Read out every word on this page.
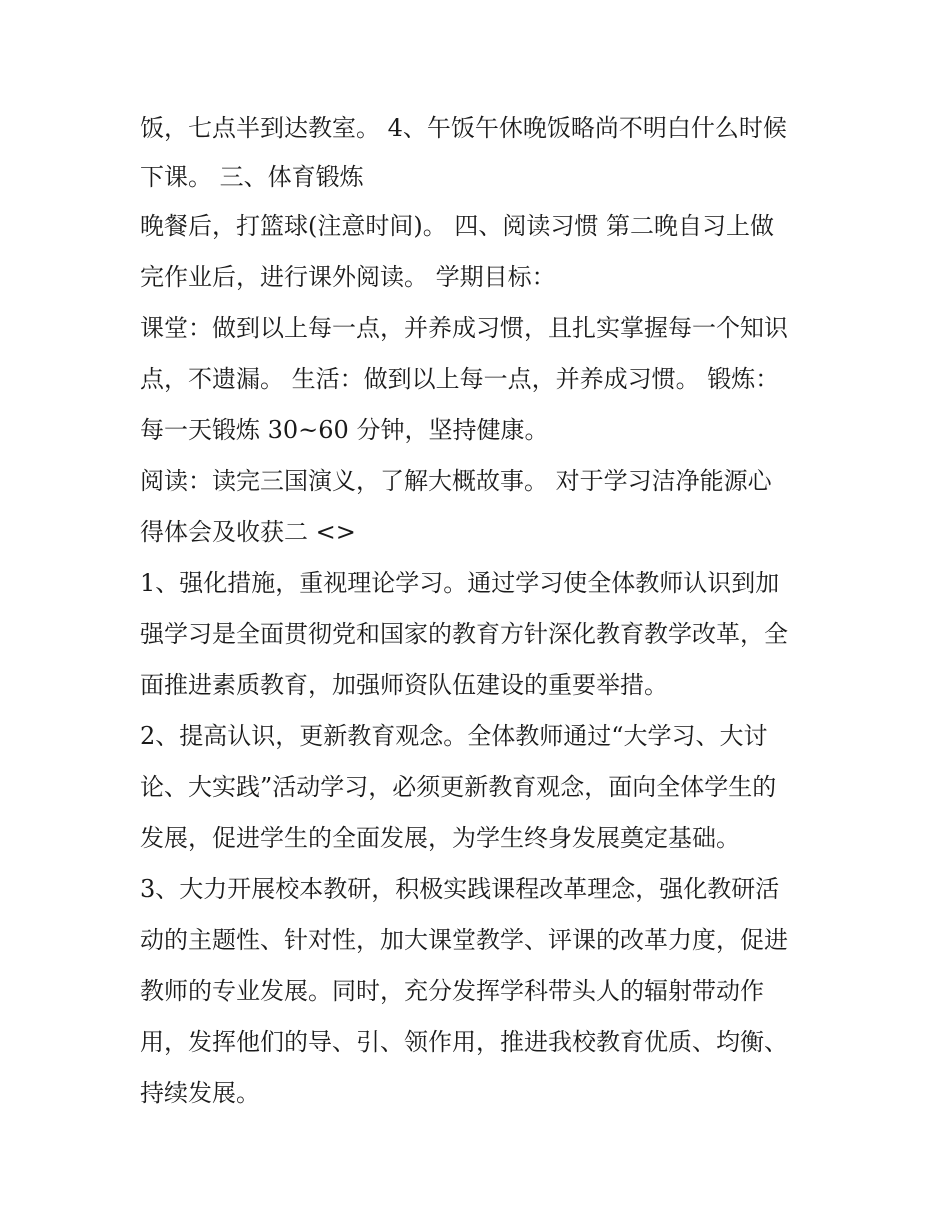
饭，七点半到达教室。 4、午饭午休晚饭略尚不明白什么时候
下课。 三、体育锻炼
晚餐后，打篮球(注意时间)。 四、阅读习惯 第二晚自习上做
完作业后，进行课外阅读。 学期目标：
课堂：做到以上每一点，并养成习惯，且扎实掌握每一个知识
点，不遗漏。 生活：做到以上每一点，并养成习惯。 锻炼：
每一天锻炼 30~60 分钟，坚持健康。
阅读：读完三国演义，了解大概故事。 对于学习洁净能源心
得体会及收获二 <>
1、强化措施，重视理论学习。通过学习使全体教师认识到加
强学习是全面贯彻党和国家的教育方针深化教育教学改革，全
面推进素质教育，加强师资队伍建设的重要举措。
2、提高认识，更新教育观念。全体教师通过“大学习、大讨
论、大实践”活动学习，必须更新教育观念，面向全体学生的
发展，促进学生的全面发展，为学生终身发展奠定基础。
3、大力开展校本教研，积极实践课程改革理念，强化教研活
动的主题性、针对性，加大课堂教学、评课的改革力度，促进
教师的专业发展。同时，充分发挥学科带头人的辐射带动作
用，发挥他们的导、引、领作用，推进我校教育优质、均衡、
持续发展。
